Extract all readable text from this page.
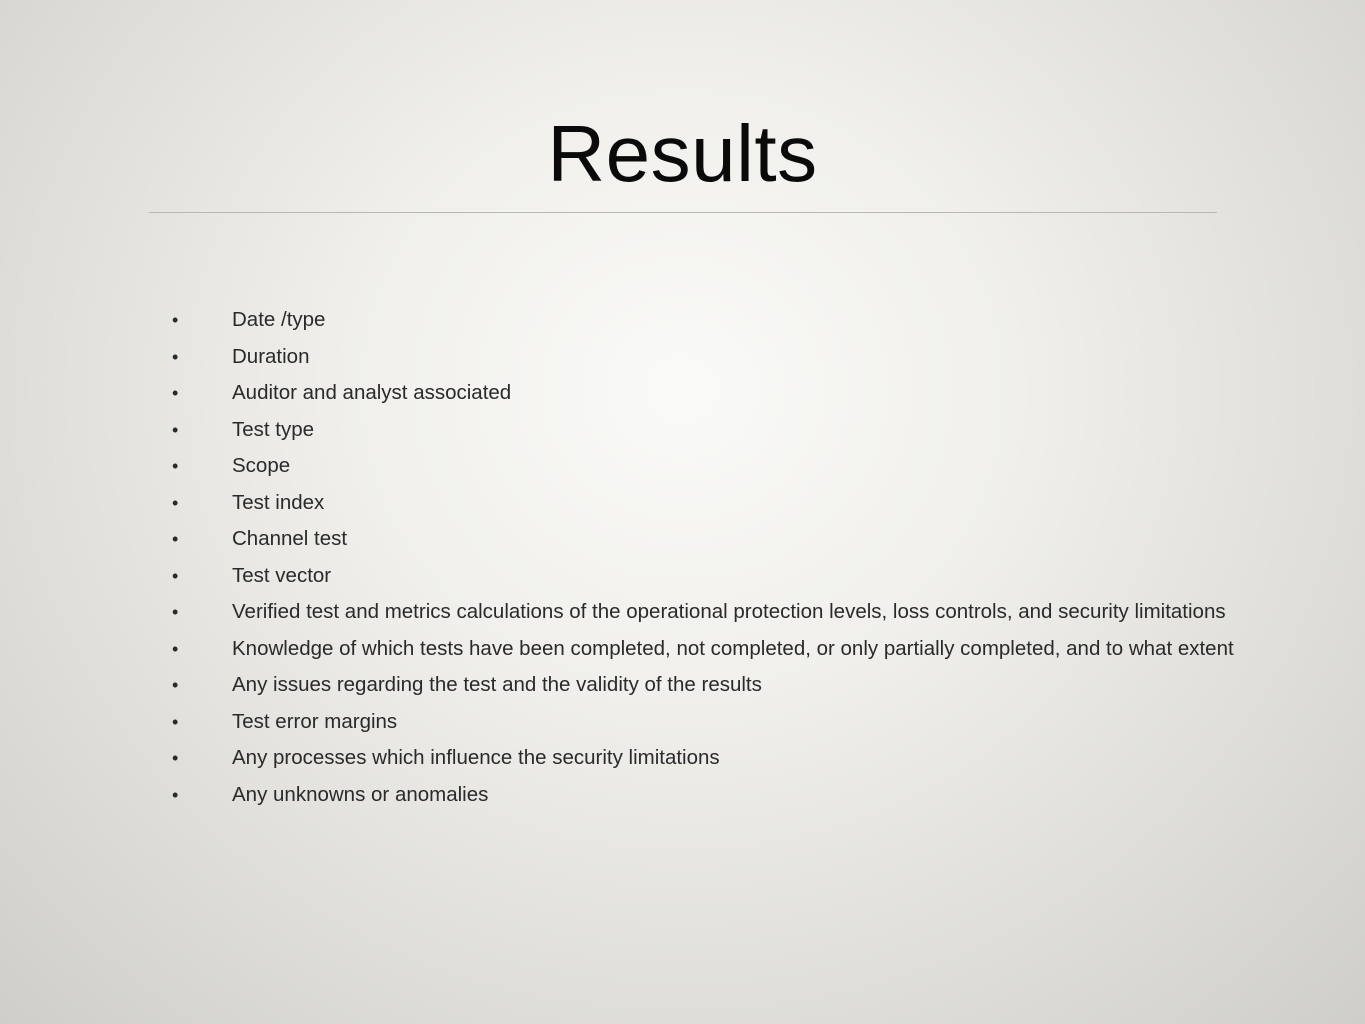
Results
•	Date /type
•	Duration
•	Auditor and analyst associated
•	Test type
•	Scope
•	Test index
•	Channel test
•	Test vector
•	Verified test and metrics calculations of the operational protection levels, loss controls, and security limitations
•	Knowledge of which tests have been completed, not completed, or only partially completed, and to what extent
•	Any issues regarding the test and the validity of the results
•	Test error margins
•	Any processes which influence the security limitations
•	Any unknowns or anomalies
